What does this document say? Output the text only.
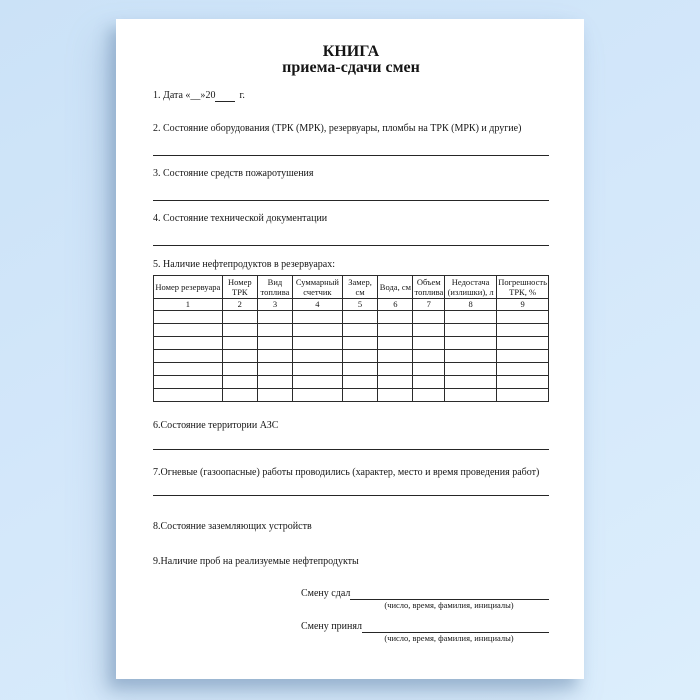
КНИГА
приема-сдачи смен
1. Дата «__» 20 г.
2. Состояние оборудования (ТРК (МРК), резервуары, пломбы на ТРК (МРК) и другие)
3. Состояние средств пожаротушения
4. Состояние технической документации
5. Наличие нефтепродуктов в резервуарах:
Номер резервуара	Номер ТРК	Вид топлива	Суммарный счетчик	Замер, см	Вода, см	Объем топлива	Недостача (излишки), л	Погрешность ТРК, %
1	2	3	4	5	6	7	8	9

6.Состояние территории АЗС
7.Огневые (газоопасные) работы проводились (характер, место и время проведения работ)
8.Состояние заземляющих устройств
9.Наличие проб на реализуемые нефтепродукты
Смену сдал
(число, время, фамилия, инициалы)
Смену принял
(число, время, фамилия, инициалы)
